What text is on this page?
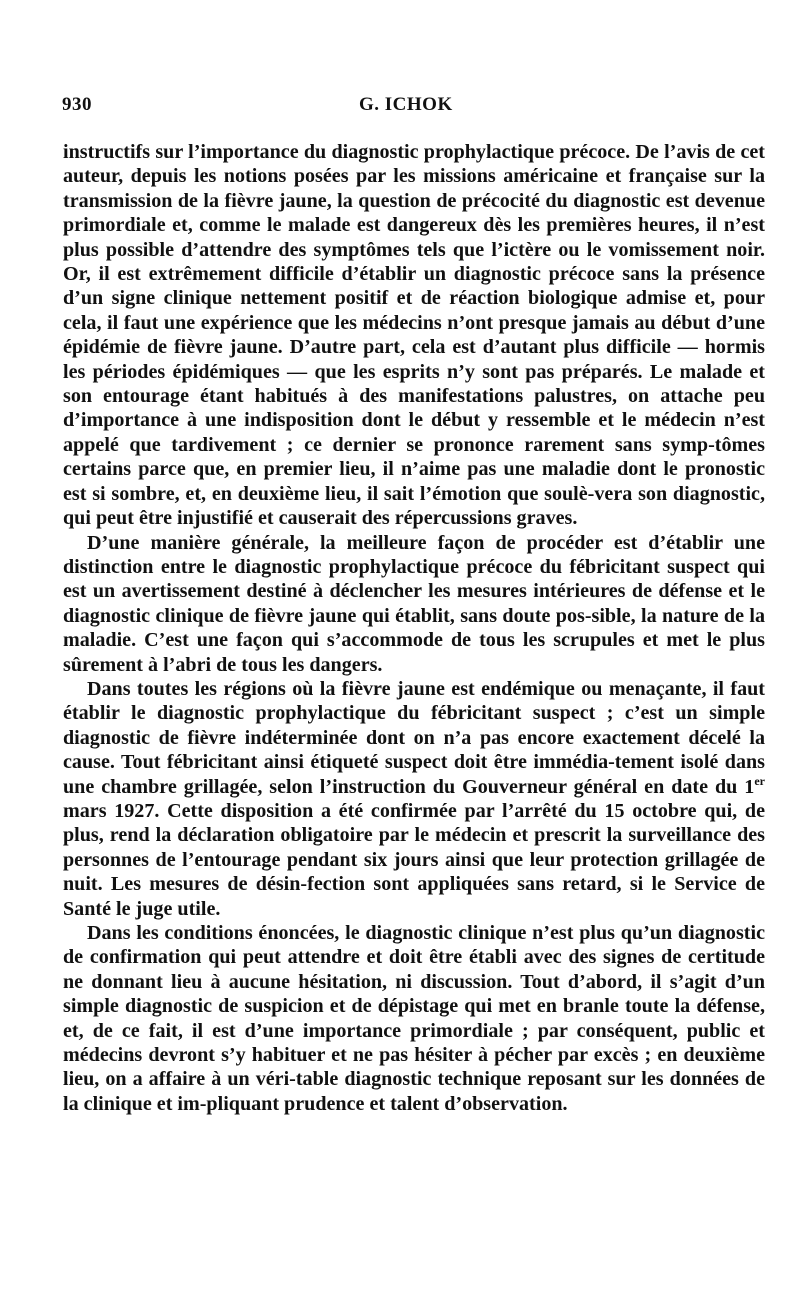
930	G. ICHOK

instructifs sur l’importance du diagnostic prophylactique précoce. De l’avis de cet auteur, depuis les notions posées par les missions américaine et française sur la transmission de la fièvre jaune, la question de précocité du diagnostic est devenue primordiale et, comme le malade est dangereux dès les premières heures, il n’est plus possible d’attendre des symptômes tels que l’ictère ou le vomissement noir. Or, il est extrêmement difficile d’établir un diagnostic précoce sans la présence d’un signe clinique nettement positif et de réaction biologique admise et, pour cela, il faut une expérience que les médecins n’ont presque jamais au début d’une épidémie de fièvre jaune. D’autre part, cela est d’autant plus difficile — hormis les périodes épidémiques — que les esprits n’y sont pas préparés. Le malade et son entourage étant habitués à des manifestations palustres, on attache peu d’importance à une indisposition dont le début y ressemble et le médecin n’est appelé que tardivement ; ce dernier se prononce rarement sans symp-tômes certains parce que, en premier lieu, il n’aime pas une maladie dont le pronostic est si sombre, et, en deuxième lieu, il sait l’émotion que soulè-vera son diagnostic, qui peut être injustifié et causerait des répercussions graves.

D’une manière générale, la meilleure façon de procéder est d’établir une distinction entre le diagnostic prophylactique précoce du fébricitant suspect qui est un avertissement destiné à déclencher les mesures intérieures de défense et le diagnostic clinique de fièvre jaune qui établit, sans doute pos-sible, la nature de la maladie. C’est une façon qui s’accommode de tous les scrupules et met le plus sûrement à l’abri de tous les dangers.

Dans toutes les régions où la fièvre jaune est endémique ou menaçante, il faut établir le diagnostic prophylactique du fébricitant suspect ; c’est un simple diagnostic de fièvre indéterminée dont on n’a pas encore exactement décelé la cause. Tout fébricitant ainsi étiqueté suspect doit être immédia-tement isolé dans une chambre grillagée, selon l’instruction du Gouverneur général en date du 1er mars 1927. Cette disposition a été confirmée par l’arrêté du 15 octobre qui, de plus, rend la déclaration obligatoire par le médecin et prescrit la surveillance des personnes de l’entourage pendant six jours ainsi que leur protection grillagée de nuit. Les mesures de désin-fection sont appliquées sans retard, si le Service de Santé le juge utile.

Dans les conditions énoncées, le diagnostic clinique n’est plus qu’un diagnostic de confirmation qui peut attendre et doit être établi avec des signes de certitude ne donnant lieu à aucune hésitation, ni discussion. Tout d’abord, il s’agit d’un simple diagnostic de suspicion et de dépistage qui met en branle toute la défense, et, de ce fait, il est d’une importance primordiale ; par conséquent, public et médecins devront s’y habituer et ne pas hésiter à pécher par excès ; en deuxième lieu, on a affaire à un véri-table diagnostic technique reposant sur les données de la clinique et im-pliquant prudence et talent d’observation.
